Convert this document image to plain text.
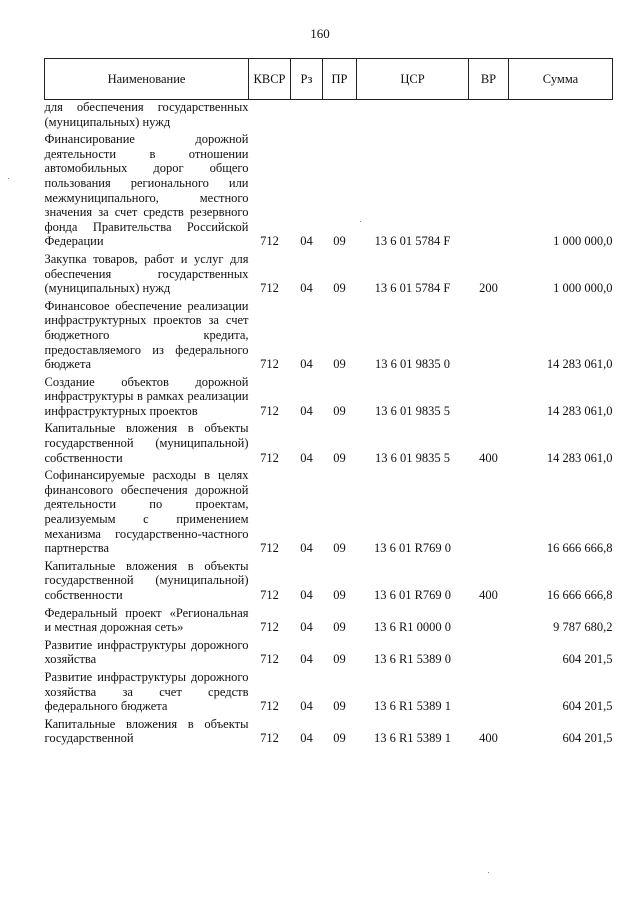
160
Наименование	КВСР	Рз	ПР	ЦСР	ВР	Сумма
для обеспечения государственных (муниципальных) нужд						

Финансирование дорожной деятельности в отношении автомобильных дорог общего пользования регионального или межмуниципального, местного значения за счет средств резервного фонда Правительства Российской Федерации	712	04	09	13 6 01 5784 F		1 000 000,0

Закупка товаров, работ и услуг для обеспечения государственных (муниципальных) нужд	712	04	09	13 6 01 5784 F	200	1 000 000,0

Финансовое обеспечение реализации инфраструктурных проектов за счет бюджетного кредита, предоставляемого из федерального бюджета	712	04	09	13 6 01 9835 0		14 283 061,0

Создание объектов дорожной инфраструктуры в рамках реализации инфраструктурных проектов	712	04	09	13 6 01 9835 5		14 283 061,0

Капитальные вложения в объекты государственной (муниципальной) собственности	712	04	09	13 6 01 9835 5	400	14 283 061,0

Софинансируемые расходы в целях финансового обеспечения дорожной деятельности по проектам, реализуемым с применением механизма государственно-частного партнерства	712	04	09	13 6 01 R769 0		16 666 666,8

Капитальные вложения в объекты государственной (муниципальной) собственности	712	04	09	13 6 01 R769 0	400	16 666 666,8

Федеральный проект «Региональная и местная дорожная сеть»	712	04	09	13 6 R1 0000 0		9 787 680,2

Развитие инфраструктуры дорожного хозяйства	712	04	09	13 6 R1 5389 0		604 201,5

Развитие инфраструктуры дорожного хозяйства за счет средств федерального бюджета	712	04	09	13 6 R1 5389 1		604 201,5

Капитальные вложения в объекты государственной	712	04	09	13 6 R1 5389 1	400	604 201,5
